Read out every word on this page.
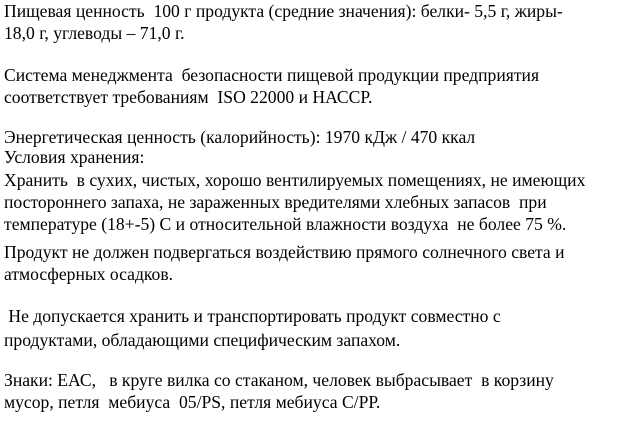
Пищевая ценность  100 г продукта (средние значения): белки- 5,5 г, жиры-

18,0 г, углеводы – 71,0 г.

Система менеджмента  безопасности пищевой продукции предприятия

соответствует требованиям  ISO 22000 и НАССР.

Энергетическая ценность (калорийность): 1970 кДж / 470 ккал

Условия хранения:

Хранить  в сухих, чистых, хорошо вентилируемых помещениях, не имеющих

постороннего запаха, не зараженных вредителями хлебных запасов  при

температуре (18+-5) С и относительной влажности воздуха  не более 75 %.

Продукт не должен подвергаться воздействию прямого солнечного света и

атмосферных осадков.

Не допускается хранить и транспортировать продукт совместно с

продуктами, обладающими специфическим запахом.

Знаки: ЕАС,   в круге вилка со стаканом, человек выбрасывает  в корзину

мусор, петля  мебиуса  05/PS, петля мебиуса С/РР.
